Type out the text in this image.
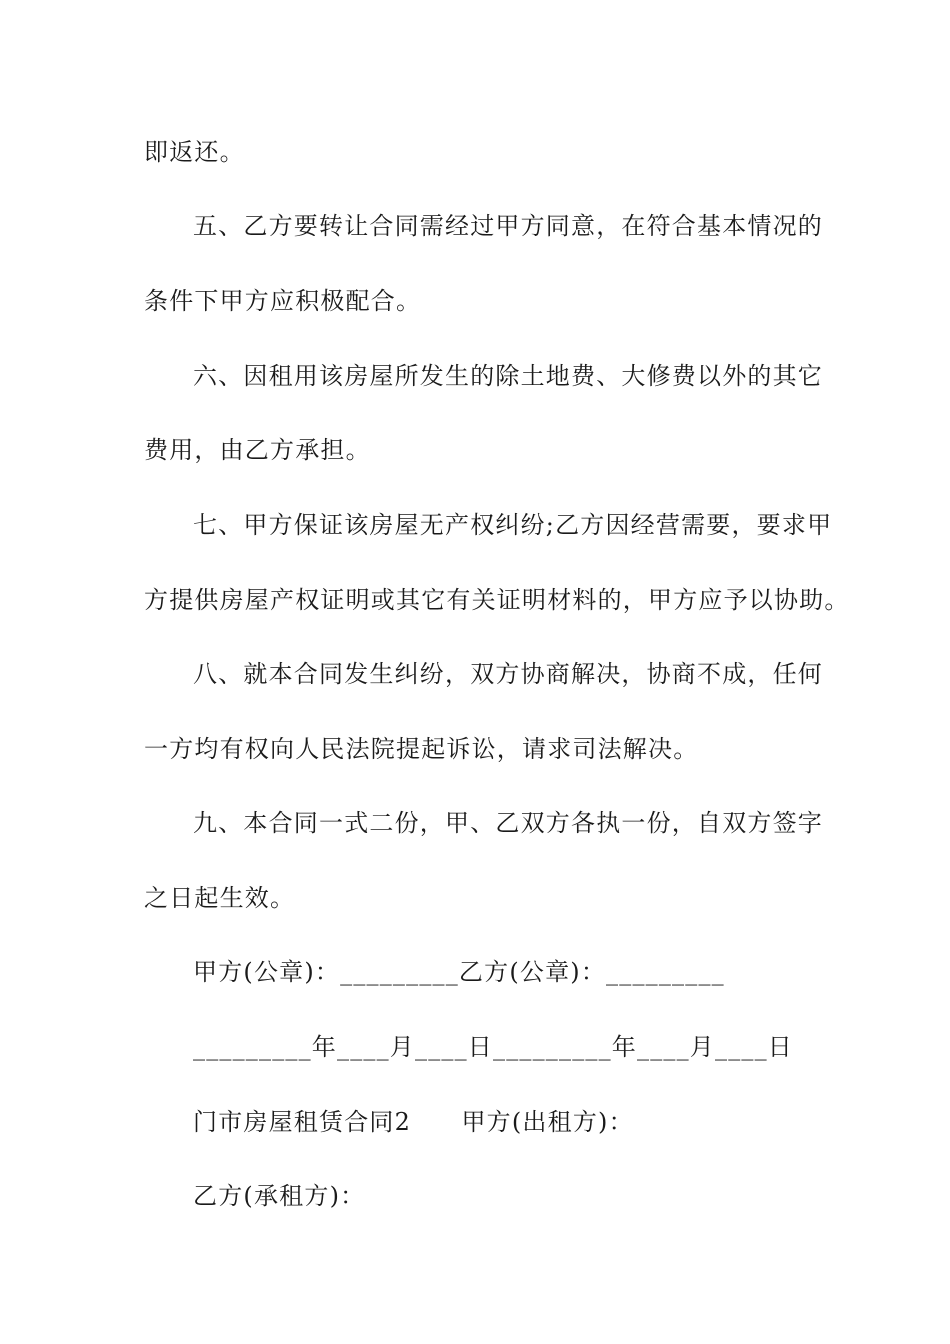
即返还。
五、乙方要转让合同需经过甲方同意，在符合基本情况的
条件下甲方应积极配合。
六、因租用该房屋所发生的除土地费、大修费以外的其它
费用，由乙方承担。
七、甲方保证该房屋无产权纠纷;乙方因经营需要，要求甲
方提供房屋产权证明或其它有关证明材料的，甲方应予以协助。
八、就本合同发生纠纷，双方协商解决，协商不成，任何
一方均有权向人民法院提起诉讼，请求司法解决。
九、本合同一式二份，甲、乙双方各执一份，自双方签字
之日起生效。
甲方(公章)：_________乙方(公章)：_________
_________年____月____日_________年____月____日
门市房屋租赁合同2　　甲方(出租方)：
乙方(承租方)：
